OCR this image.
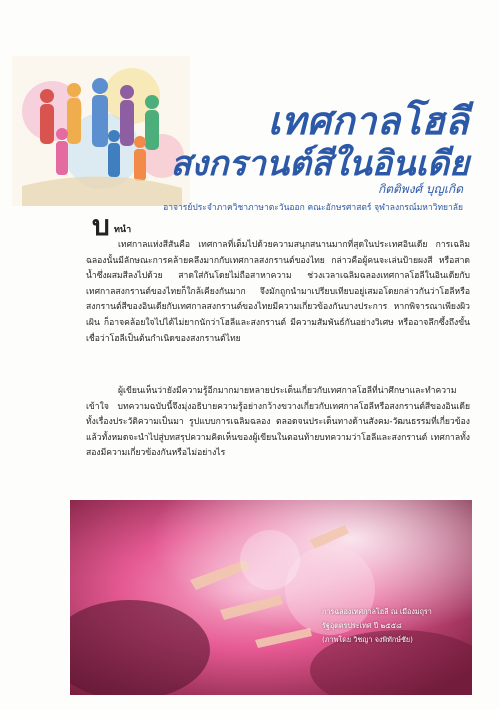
เทศกาลโฮลี
สงกรานต์สีในอินเดีย
กิตติพงศ์ บุญเกิด
อาจารย์ประจำภาควิชาภาษาตะวันออก คณะอักษรศาสตร์ จุฬาลงกรณ์มหาวิทยาลัย
บ ทนำ

เทศกาลแห่งสีสันคือ เทศกาลที่เต็มไปด้วยความสนุกสนานมากที่สุดในประเทศอินเดีย การเฉลิมฉลองนั้นมีลักษณะการคล้ายคลึงมากกับเทศกาลสงกรานต์ของไทย กล่าวคือผู้คนจะเล่นป้ายผงสี หรือสาดน้ำซึ่งผสมสีลงไปด้วย สาดใส่กันโดยไม่ถือสาหาความ ช่วงเวลาเฉลิมฉลองเทศกาลโฮลีในอินเดียกับเทศกาลสงกรานต์ของไทยก็ใกล้เคียงกันมาก จึงมักถูกนำมาเปรียบเทียบอยู่เสมอโดยกล่าวกันว่าโฮลีหรือสงกรานต์สีของอินเดียกับเทศกาลสงกรานต์ของไทยมีความเกี่ยวข้องกันบางประการ หากพิจารณาเพียงผิวเผิน ก็อาจคล้อยใจไปได้ไม่ยากนักว่าโฮลีและสงกรานต์ มีความสัมพันธ์กันอย่างวิเศษ หรืออาจลึกซึ้งถึงขั้นเชื่อว่าโฮลีเป็นต้นกำเนิดของสงกรานต์ไทย

ผู้เขียนเห็นว่ายังมีความรู้อีกมากมายหลายประเด็นเกี่ยวกับเทศกาลโฮลีที่น่าศึกษาและทำความเข้าใจ บทความฉบับนี้จึงมุ่งอธิบายความรู้อย่างกว้างขวางเกี่ยวกับเทศกาลโฮลีหรือสงกรานต์สีของอินเดีย ทั้งเรื่องประวัติความเป็นมา รูปแบบการเฉลิมฉลอง ตลอดจนประเด็นทางด้านสังคม-วัฒนธรรมที่เกี่ยวข้อง แล้วทั้งหมดจะนำไปสู่บทสรุปความคิดเห็นของผู้เขียนในตอนท้ายบทความว่าโฮลีและสงกรานต์ เทศกาลทั้งสองมีความเกี่ยวข้องกันหรือไม่อย่างไร

การฉลองเทศกาลโฮลี ณ เมืองมถุรา
รัฐอุตตรประเทศ ปี ๒๕๕๘
(ภาพโดย วิชญา จงพิทักษ์ชัย)
